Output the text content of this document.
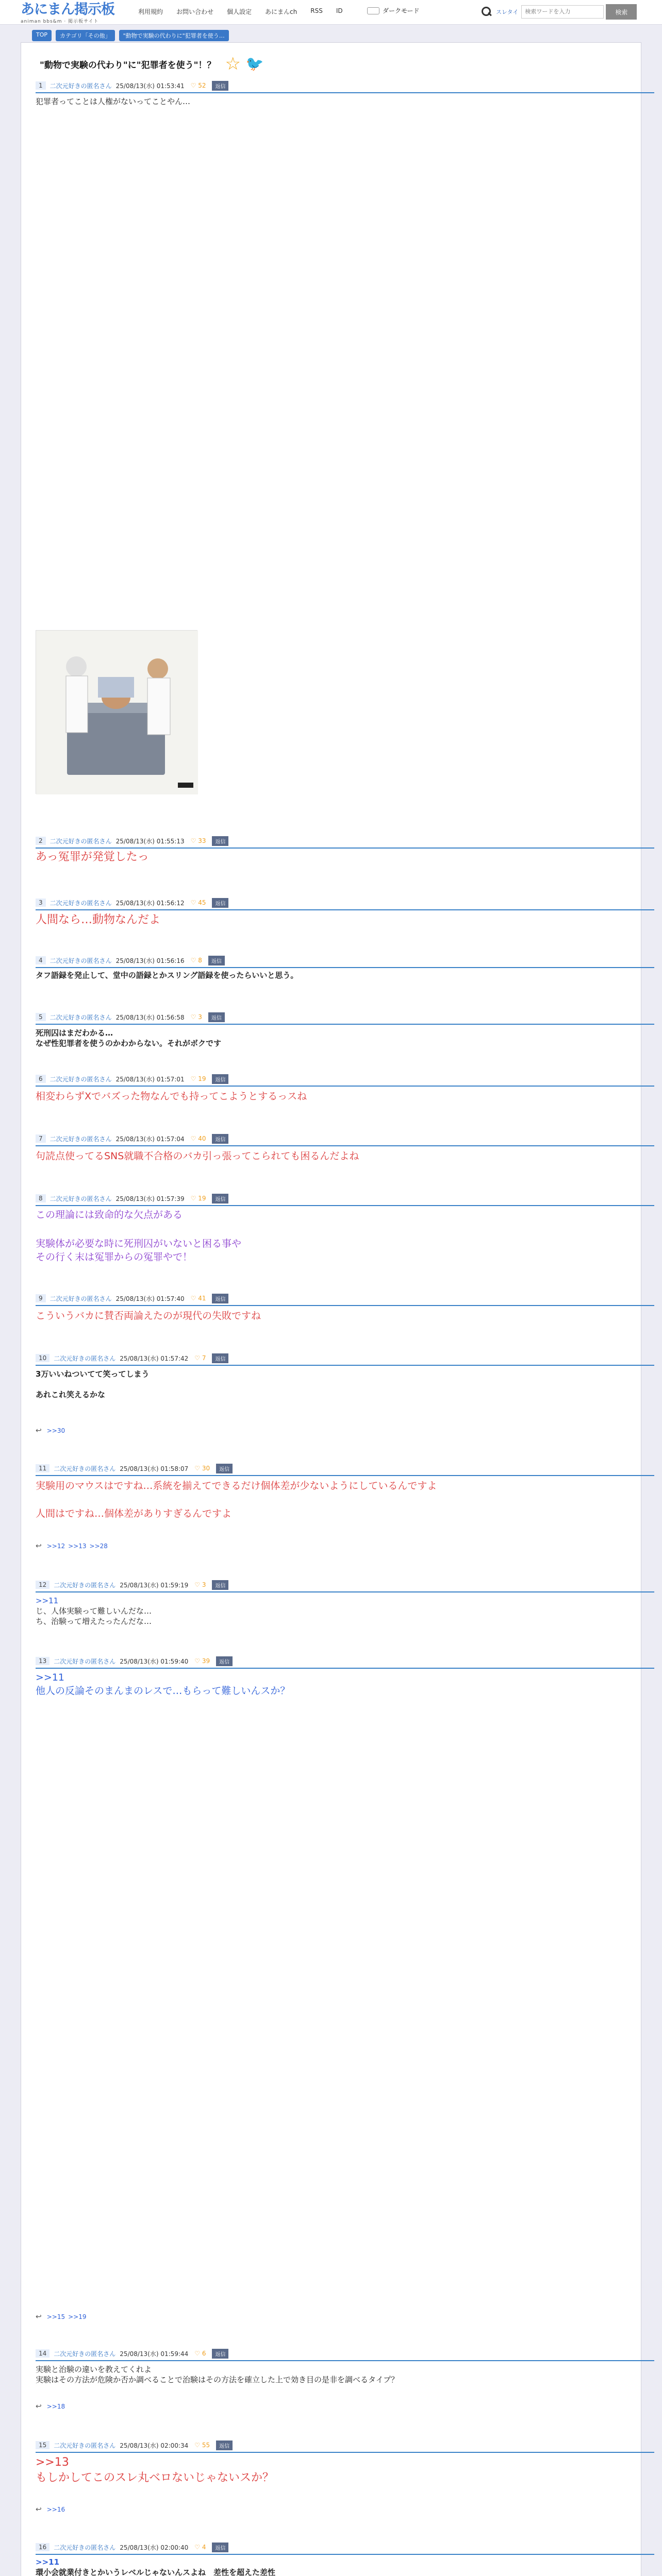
あにまん掲示板
animan bbs&m · 掲示板サイト
利用規約 お問い合わせ 個人設定 あにまんch RSS ID	ダークモード	スレタイ
検索ワードを入力	検索
TOP	カテゴリ「その他」	"動物で実験の代わりに"犯罪者を使う…
"動物で実験の代わり"に"犯罪者を使う"！？ ☆ 🐦
1	二次元好きの匿名さん 25/08/13(水) 01:53:41 ♡ 52	返信
犯罪者ってことは人権がないってことやん…
2	二次元好きの匿名さん 25/08/13(水) 01:55:13 ♡ 33	返信
あっ冤罪が発覚したっ
3	二次元好きの匿名さん 25/08/13(水) 01:56:12 ♡ 45	返信
人間なら…動物なんだよ
4	二次元好きの匿名さん 25/08/13(水) 01:56:16 ♡ 8	返信
タフ語録を発止して、堂中の語録とかスリング語録を使ったらいいと思う。
5	二次元好きの匿名さん 25/08/13(水) 01:56:58 ♡ 3	返信
死刑囚はまだわかる…
なぜ性犯罪者を使うのかわからない。それがボクです
6	二次元好きの匿名さん 25/08/13(水) 01:57:01 ♡ 19	返信
相変わらずXでバズった物なんでも持ってこようとするっスね
7	二次元好きの匿名さん 25/08/13(水) 01:57:04 ♡ 40	返信
句読点使ってるSNS就職不合格のバカ引っ張ってこられても困るんだよね
8	二次元好きの匿名さん 25/08/13(水) 01:57:39 ♡ 19	返信
この理論には致命的な欠点がある
実験体が必要な時に死刑囚がいないと困る事や
その行く末は冤罪からの冤罪やで！
9	二次元好きの匿名さん 25/08/13(水) 01:57:40 ♡ 41	返信
こういうバカに賛否両論えたのが現代の失敗ですね
10	二次元好きの匿名さん 25/08/13(水) 01:57:42 ♡ 7	返信
3万いいねついてて笑ってしまう
あれこれ笑えるかな
↩ >>30
11	二次元好きの匿名さん 25/08/13(水) 01:58:07 ♡ 30	返信
実験用のマウスはですね…系統を揃えてできるだけ個体差が少ないようにしているんですよ
人間はですね…個体差がありすぎるんですよ
↩ >>12 >>13 >>28
12	二次元好きの匿名さん 25/08/13(水) 01:59:19 ♡ 3	返信
>>11
じ、人体実験って難しいんだな…
ち、治験って増えたったんだな…
13	二次元好きの匿名さん 25/08/13(水) 01:59:40 ♡ 39	返信
>>11
他人の反論そのまんまのレスで…もらって難しいんスか？
↩ >>15 >>19
14	二次元好きの匿名さん 25/08/13(水) 01:59:44 ♡ 6	返信
実験と治験の違いを教えてくれよ
実験はその方法が危険か否か調べることで治験はその方法を確立した上で効き目の是非を調べるタイプ？
↩ >>18
15	二次元好きの匿名さん 25/08/13(水) 02:00:34 ♡ 55	返信
>>13
もしかしてこのスレ丸ベロないじゃないスか？
↩ >>16
16	二次元好きの匿名さん 25/08/13(水) 02:00:40 ♡ 4	返信
>>11
環小会就業付きとかいうレベルじゃないんスよね　差性を超えた差性
